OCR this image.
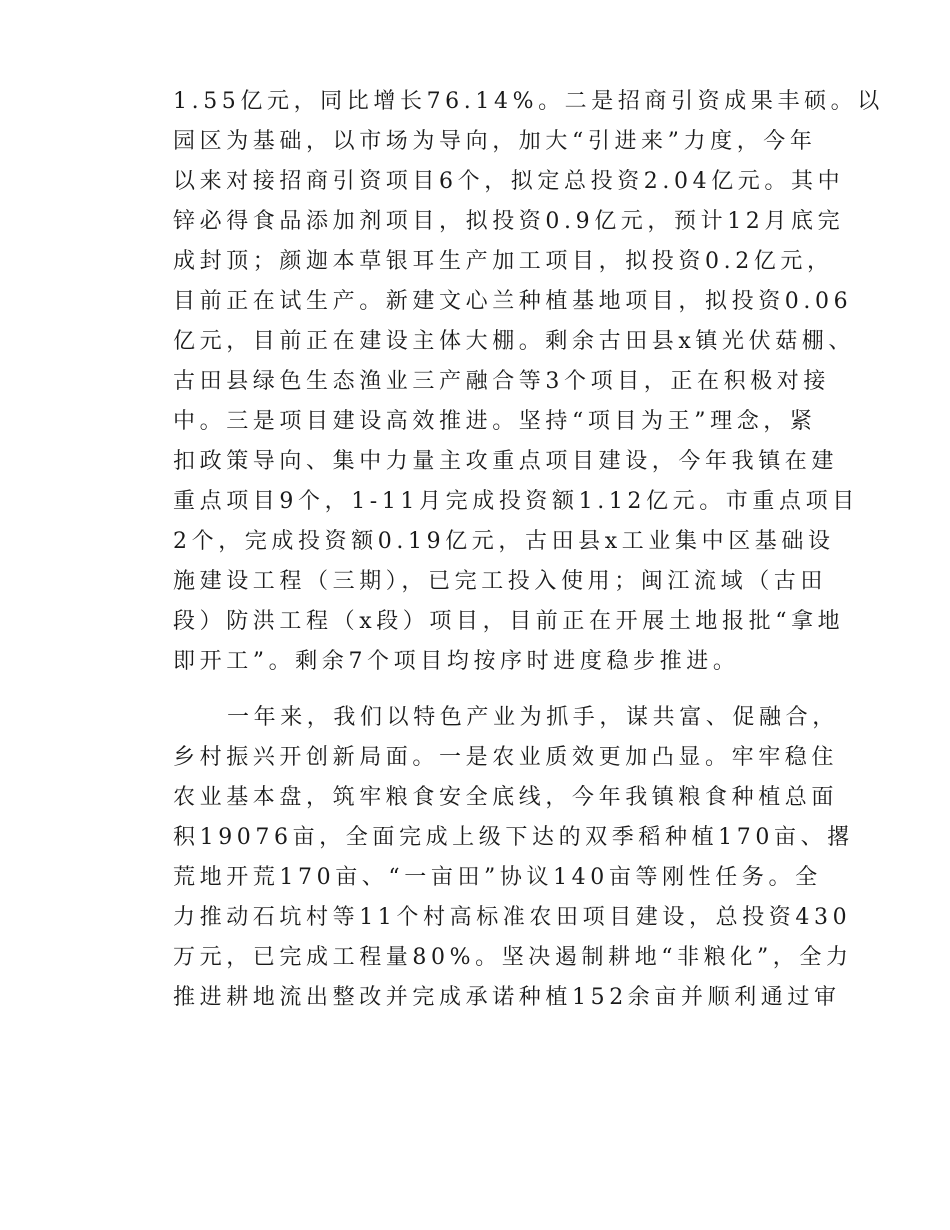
1.55亿元，同比增长76.14%。二是招商引资成果丰硕。以
园区为基础，以市场为导向，加大“引进来”力度，今年
以来对接招商引资项目6个，拟定总投资2.04亿元。其中
锌必得食品添加剂项目，拟投资0.9亿元，预计12月底完
成封顶；颜迦本草银耳生产加工项目，拟投资0.2亿元，
目前正在试生产。新建文心兰种植基地项目，拟投资0.06
亿元，目前正在建设主体大棚。剩余古田县x镇光伏菇棚、
古田县绿色生态渔业三产融合等3个项目，正在积极对接
中。三是项目建设高效推进。坚持“项目为王”理念，紧
扣政策导向、集中力量主攻重点项目建设，今年我镇在建
重点项目9个，1-11月完成投资额1.12亿元。市重点项目
2个，完成投资额0.19亿元，古田县x工业集中区基础设
施建设工程（三期），已完工投入使用；闽江流域（古田
段）防洪工程（x段）项目，目前正在开展土地报批“拿地
即开工”。剩余7个项目均按序时进度稳步推进。
一年来，我们以特色产业为抓手，谋共富、促融合，
乡村振兴开创新局面。一是农业质效更加凸显。牢牢稳住
农业基本盘，筑牢粮食安全底线，今年我镇粮食种植总面
积19076亩，全面完成上级下达的双季稻种植170亩、撂
荒地开荒170亩、“一亩田”协议140亩等刚性任务。全
力推动石坑村等11个村高标准农田项目建设，总投资430
万元，已完成工程量80%。坚决遏制耕地“非粮化”，全力
推进耕地流出整改并完成承诺种植152余亩并顺利通过审
